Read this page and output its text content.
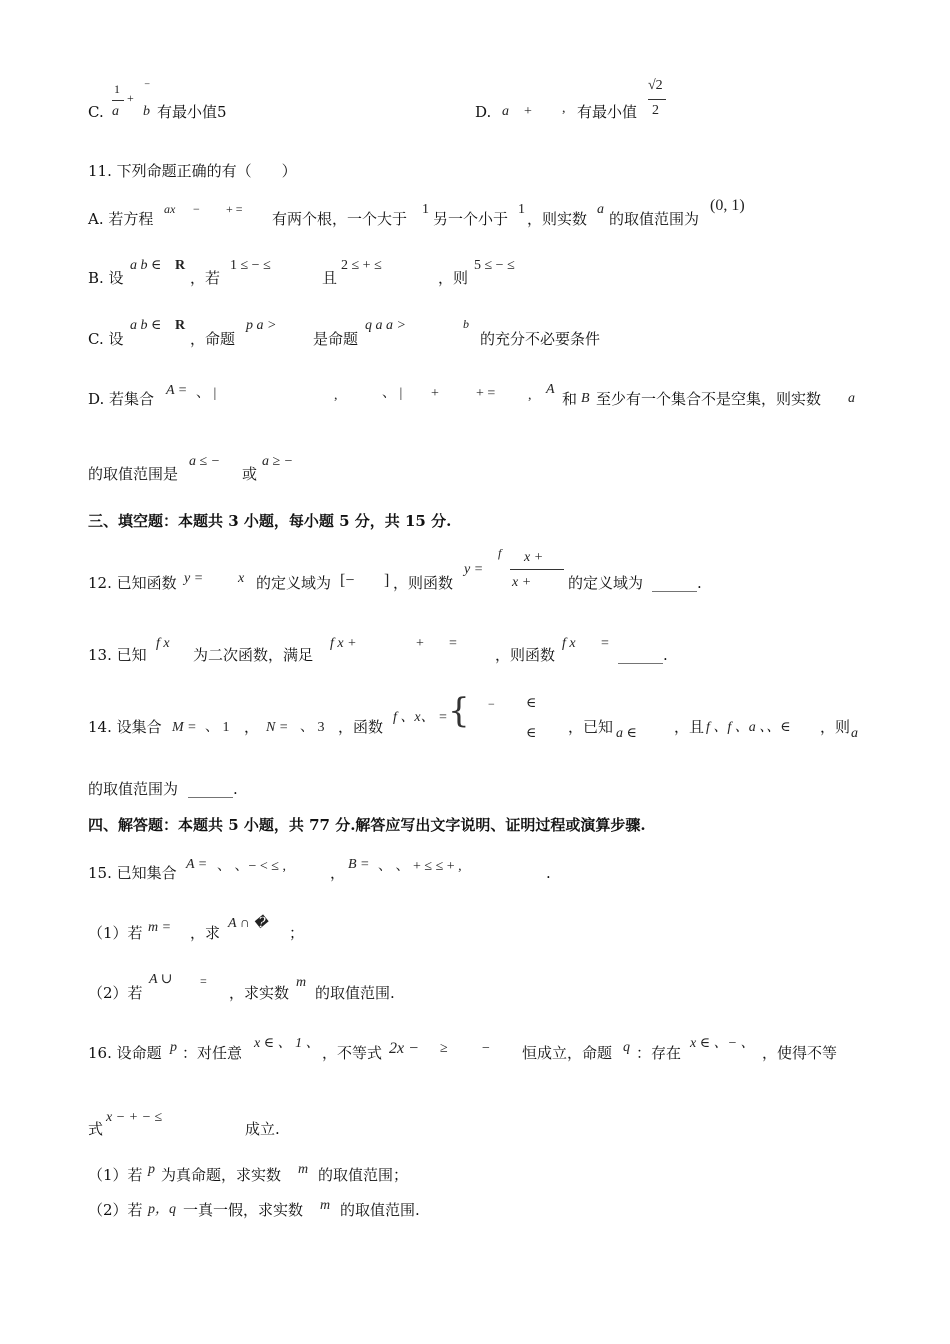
1
+
⁻
C. a b 有最小值5	D. a + , 有最小值
√2
2
11. 下列命题正确的有（　　）
A. 若方程
ax − + =
有两个根，一个大于
1
另一个小于
1
，则实数
a
的取值范围为
(0, 1)
B. 设
a b ∈ R
，若
1 ≤ − ≤
且
2 ≤ + ≤
，则
5 ≤ − ≤
C. 设
a b ∈ R
，命题
p a >
是命题
q a a >	b
的充分不必要条件
D. 若集合 A = 、 |	,	、 | +	+ = , A
和 B 至少有一个集合不是空集，则实数 a
的取值范围是
a ≤ −
或
a ≥ −
三、填空题：本题共 3 小题，每小题 5 分，共 15 分.
12. 已知函数 y = x 的定义域为 [− ] ，则函数
y =
f x +
x + 的定义域为 ______.
13. 已知
f x
为二次函数，满足
f x +	+ =
，则函数
f x =
______.
14. 设集合 M = 、 1 ， N = 、 3 ，函数
f 、x、 = { − ∈
∈ ，已知 a ∈ ，且 f 、f 、a 、、∈ ，则 a
的取值范围为 ______.
四、解答题：本题共 5 小题，共 77 分.解答应写出文字说明、证明过程或演算步骤.
15. 已知集合 A = 、 、− < ≤ ,	， B = 、 、 + ≤ ≤ + ,	.
（1）若 m = ，求
A ∩ �
；
（2）若
A ∪ =
，求实数
m
的取值范围.
16. 设命题 p ：对任意
x ∈ 、 1 、
，不等式 2x − ≥ − 恒成立，命题 q ：存在
x ∈ 、− 、
，使得不等
式
x − + − ≤
成立.
（1）若 p 为真命题，求实数 m 的取值范围；
（2）若 p，q 一真一假，求实数 m 的取值范围.
